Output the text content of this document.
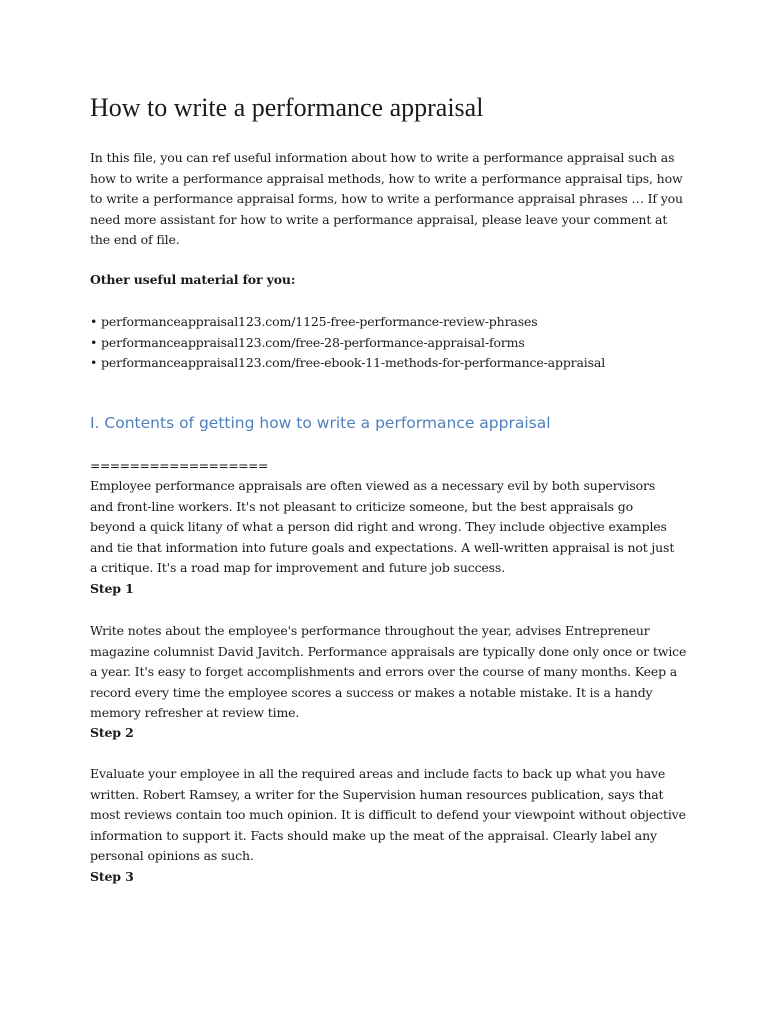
How to write a performance appraisal

In this file, you can ref useful information about how to write a performance appraisal such as how to write a performance appraisal methods, how to write a performance appraisal tips, how to write a performance appraisal forms, how to write a performance appraisal phrases … If you need more assistant for how to write a performance appraisal, please leave your comment at the end of file.

Other useful material for you:

• performanceappraisal123.com/1125-free-performance-review-phrases
• performanceappraisal123.com/free-28-performance-appraisal-forms
• performanceappraisal123.com/free-ebook-11-methods-for-performance-appraisal
I. Contents of getting how to write a performance appraisal

==================

Employee performance appraisals are often viewed as a necessary evil by both supervisors and front-line workers. It's not pleasant to criticize someone, but the best appraisals go beyond a quick litany of what a person did right and wrong. They include objective examples and tie that information into future goals and expectations. A well-written appraisal is not just a critique. It's a road map for improvement and future job success.

Step 1

Write notes about the employee's performance throughout the year, advises Entrepreneur magazine columnist David Javitch. Performance appraisals are typically done only once or twice a year. It's easy to forget accomplishments and errors over the course of many months. Keep a record every time the employee scores a success or makes a notable mistake. It is a handy memory refresher at review time.

Step 2

Evaluate your employee in all the required areas and include facts to back up what you have written. Robert Ramsey, a writer for the Supervision human resources publication, says that most reviews contain too much opinion. It is difficult to defend your viewpoint without objective information to support it. Facts should make up the meat of the appraisal. Clearly label any personal opinions as such.

Step 3
